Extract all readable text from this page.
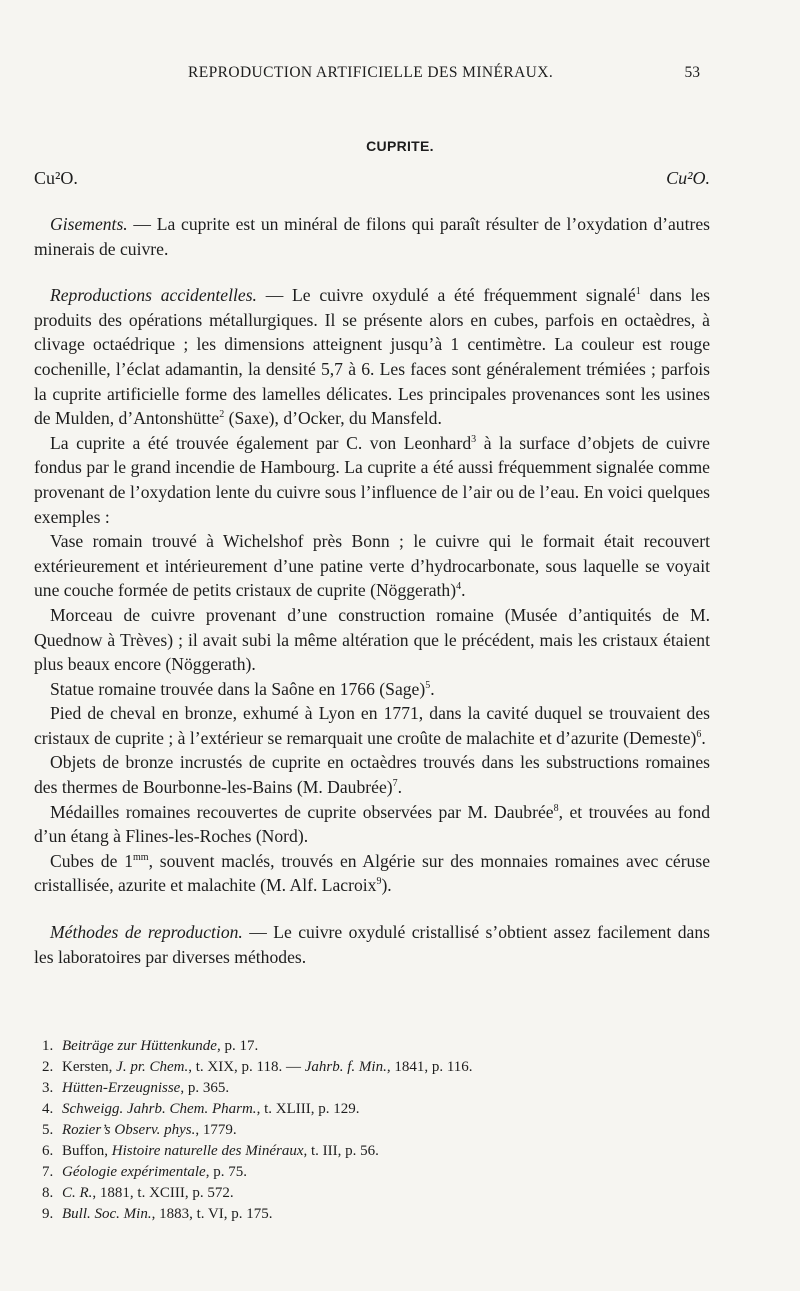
REPRODUCTION ARTIFICIELLE DES MINÉRAUX.	53
CUPRITE.
Cu²O.	Cu²O.

Gisements. — La cuprite est un minéral de filons qui paraît résulter de l’oxydation d’autres minerais de cuivre.

Reproductions accidentelles. — Le cuivre oxydulé a été fréquemment signalé$^1$ dans les produits des opérations métallurgiques. Il se présente alors en cubes, parfois en octaèdres, à clivage octaédrique ; les dimensions atteignent jusqu’à 1 centimètre. La couleur est rouge cochenille, l’éclat adamantin, la densité 5,7 à 6. Les faces sont généralement trémiées ; parfois la cuprite artificielle forme des lamelles délicates. Les principales provenances sont les usines de Mulden, d’Antonshütte$^2$ (Saxe), d’Ocker, du Mansfeld.

La cuprite a été trouvée également par C. von Leonhard$^3$ à la surface d’objets de cuivre fondus par le grand incendie de Hambourg. La cuprite a été aussi fréquemment signalée comme provenant de l’oxydation lente du cuivre sous l’influence de l’air ou de l’eau. En voici quelques exemples :

Vase romain trouvé à Wichelshof près Bonn ; le cuivre qui le formait était recouvert extérieurement et intérieurement d’une patine verte d’hydrocarbonate, sous laquelle se voyait une couche formée de petits cristaux de cuprite (Nöggerath)$^4$.

Morceau de cuivre provenant d’une construction romaine (Musée d’antiquités de M. Quednow à Trèves) ; il avait subi la même altération que le précédent, mais les cristaux étaient plus beaux encore (Nöggerath).

Statue romaine trouvée dans la Saône en 1766 (Sage)$^5$.

Pied de cheval en bronze, exhumé à Lyon en 1771, dans la cavité duquel se trouvaient des cristaux de cuprite ; à l’extérieur se remarquait une croûte de malachite et d’azurite (Demeste)$^6$.

Objets de bronze incrustés de cuprite en octaèdres trouvés dans les substructions romaines des thermes de Bourbonne-les-Bains (M. Daubrée)$^7$.

Médailles romaines recouvertes de cuprite observées par M. Daubrée$^8$, et trouvées au fond d’un étang à Flines-les-Roches (Nord).

Cubes de $1^{mm}$, souvent maclés, trouvés en Algérie sur des monnaies romaines avec céruse cristallisée, azurite et malachite (M. Alf. Lacroix$^9$).

Méthodes de reproduction. — Le cuivre oxydulé cristallisé s’obtient assez facilement dans les laboratoires par diverses méthodes.

1. Beiträge zur Hüttenkunde, p. 17.
2. Kersten, J. pr. Chem., t. XIX, p. 118. — Jahrb. f. Min., 1841, p. 116.
3. Hütten-Erzeugnisse, p. 365.
4. Schweigg. Jahrb. Chem. Pharm., t. XLIII, p. 129.
5. Rozier’s Observ. phys., 1779.
6. Buffon, Histoire naturelle des Minéraux, t. III, p. 56.
7. Géologie expérimentale, p. 75.
8. C. R., 1881, t. XCIII, p. 572.
9. Bull. Soc. Min., 1883, t. VI, p. 175.
